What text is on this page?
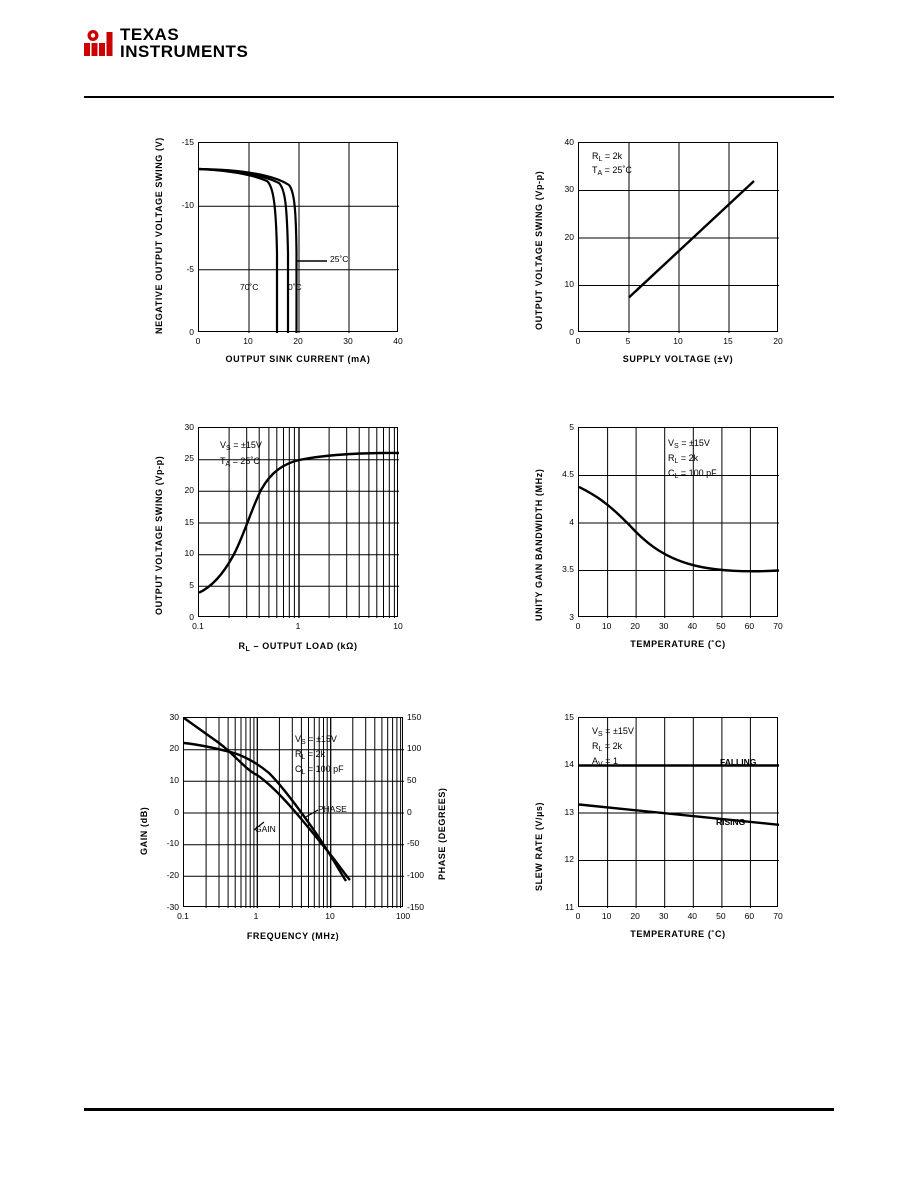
TEXAS
INSTRUMENTS
-15
-10
-5
0
0	10	20	30	40
OUTPUT SINK CURRENT (mA)
NEGATIVE OUTPUT VOLTAGE SWING (V)	25˚C
0˚C
70˚C
40
30
20
10
0
0	5	10	15	20
SUPPLY VOLTAGE (±V)
OUTPUT VOLTAGE SWING (Vp-p)
$R_L = 2k$
$T_A$ = 25˚C
30
25
20
15
10
5
0
0.1	1	10
$R_L$ – OUTPUT LOAD (kΩ)
OUTPUT VOLTAGE SWING (Vp-p)
$V_S = \pm 15V$
$T_A$ = 25˚C
5
4.5
4
3.5
3
0	10	20	30	40	50	60	70
TEMPERATURE (˚C)
UNITY GAIN BANDWIDTH (MHz)
$V_S = \pm 15V$
$R_L = 2k$
$C_L = 100$ pF
30
20
10
0
-10
-20
-30
150
100
50
0
-50
-100
-150
0.1	1	10	100
FREQUENCY (MHz)
GAIN (dB)	PHASE (DEGREES)
$V_S = \pm 15V$
$R_L = 2k$
$C_L = 100$ pF
PHASE
GAIN
15
14
13
12
11
0	10	20	30	40	50	60	70
TEMPERATURE (˚C)
SLEW RATE (V/µs)
$V_S = \pm 15V$
$R_L = 2k$
$A_V = 1$	FALLING
RISING
